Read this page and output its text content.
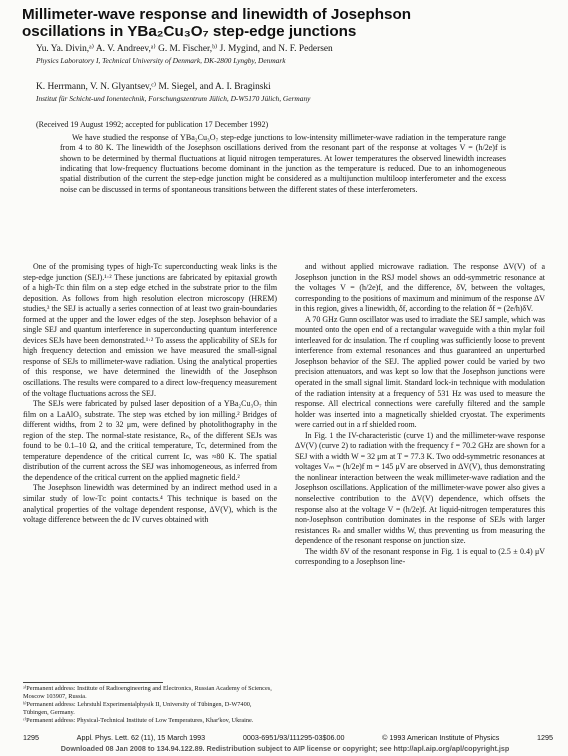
Millimeter-wave response and linewidth of Josephson oscillations in YBa₂Cu₃O₇ step-edge junctions
Yu. Ya. Divin,ᵃ⁾ A. V. Andreev,ᵃ⁾ G. M. Fischer,ᵇ⁾ J. Mygind, and N. F. Pedersen
Physics Laboratory I, Technical University of Denmark, DK-2800 Lyngby, Denmark
K. Herrmann, V. N. Glyantsev,ᶜ⁾ M. Siegel, and A. I. Braginski
Institut für Schicht-und Ionentechnik, Forschungszentrum Jülich, D-W5170 Jülich, Germany
(Received 19 August 1992; accepted for publication 17 December 1992)

We have studied the response of YBa₂Cu₃O₇ step-edge junctions to low-intensity millimeter-wave radiation in the temperature range from 4 to 80 K. The linewidth of the Josephson oscillations derived from the resonant part of the response at voltages V = (h/2e)f is shown to be determined by thermal fluctuations at liquid nitrogen temperatures. At lower temperatures the observed linewidth increases indicating that low-frequency fluctuations become dominant in the junction as the temperature is reduced. Due to an inhomogeneous spatial distribution of the current the step-edge junction might be considered as a multijunction multiloop interferometer and the excess noise can be discussed in terms of spontaneous transitions between the different states of these interferometers.

One of the promising types of high-Tᴄ superconducting weak links is the step-edge junction (SEJ).¹·² These junctions are fabricated by epitaxial growth of a high-Tᴄ thin film on a step edge etched in the substrate prior to the film deposition. As follows from high resolution electron microscopy (HREM) studies,³ the SEJ is actually a series connection of at least two grain-boundaries formed at the upper and the lower edges of the step. Josephson behavior of a single SEJ and quantum interference in superconducting quantum interference devices SEJs have been demonstrated.¹·² To assess the applicability of SEJs for high frequency detection and emission we have measured the small-signal response of SEJs to millimeter-wave radiation. Using the analytical properties of this response, we have determined the linewidth of the Josephson oscillations. The results were compared to a direct low-frequency measurement of the voltage fluctuations across the SEJ.

The SEJs were fabricated by pulsed laser deposition of a YBa₂Cu₃O₇ thin film on a LaAlO₃ substrate. The step was etched by ion milling.² Bridges of different widths, from 2 to 32 μm, were defined by photolithography in the region of the step. The normal-state resistance, Rₙ, of the different SEJs was found to be 0.1–10 Ω, and the critical temperature, Tᴄ, determined from the temperature dependence of the critical current Iᴄ, was ≈80 K. The spatial distribution of the current across the SEJ was inhomogeneous, as inferred from the dependence of the critical current on the applied magnetic field.²

The Josephson linewidth was determined by an indirect method used in a similar study of low-Tᴄ point contacts.⁴ This technique is based on the analytical properties of the voltage dependent response, ΔV(V), which is the voltage difference between the dc IV curves obtained with

and without applied microwave radiation. The response ΔV(V) of a Josephson junction in the RSJ model shows an odd-symmetric resonance at the voltages V = (h/2e)f, and the difference, δV, between the voltages, corresponding to the positions of maximum and minimum of the response ΔV in this region, gives a linewidth, δf, according to the relation δf = (2e/h)δV.

A 70 GHz Gunn oscillator was used to irradiate the SEJ sample, which was mounted onto the open end of a rectangular waveguide with a thin mylar foil interleaved for dc insulation. The rf coupling was sufficiently loose to prevent interference from external resonances and thus guaranteed an unperturbed Josephson behavior of the SEJ. The applied power could be varied by two precision attenuators, and was kept so low that the Josephson junctions were operated in the small signal limit. Standard lock-in technique with modulation of the radiation intensity at a frequency of 531 Hz was used to measure the response. All electrical connections were carefully filtered and the sample holder was inserted into a magnetically shielded cryostat. The experiments were carried out in a rf shielded room.

In Fig. 1 the IV-characteristic (curve 1) and the millimeter-wave response ΔV(V) (curve 2) to radiation with the frequency f = 70.2 GHz are shown for a SEJ with a width W = 32 μm at T = 77.3 K. Two odd-symmetric resonances at voltages Vₘ = (h/2e)f m = 145 μV are observed in ΔV(V), thus demonstrating the nonlinear interaction between the weak millimeter-wave radiation and the Josephson oscillations. Application of the millimeter-wave power also gives a nonselective contribution to the ΔV(V) dependence, which offsets the response also at the voltage V = (h/2e)f. At liquid-nitrogen temperatures this non-Josephson contribution dominates in the response of SEJs with larger resistances Rₙ and smaller widths W, thus preventing us from measuring the dependence of the resonant response on junction size.

The width δV of the resonant response in Fig. 1 is equal to (2.5 ± 0.4) μV corresponding to a Josephson line-

ᵃ⁾Permanent address: Institute of Radioengineering and Electronics, Russian Academy of Sciences, Moscow 103907, Russia.

ᵇ⁾Permanent address: Lehrstuhl Experimentalphysik II, University of Tübingen, D-W7400, Tübingen, Germany.

ᶜ⁾Permanent address: Physical-Technical Institute of Low Temperatures, Khar'kov, Ukraine.

1295	Appl. Phys. Lett. 62 (11), 15 March 1993	0003-6951/93/111295-03$06.00	© 1993 American Institute of Physics	1295
Downloaded 08 Jan 2008 to 134.94.122.89. Redistribution subject to AIP license or copyright; see http://apl.aip.org/apl/copyright.jsp
